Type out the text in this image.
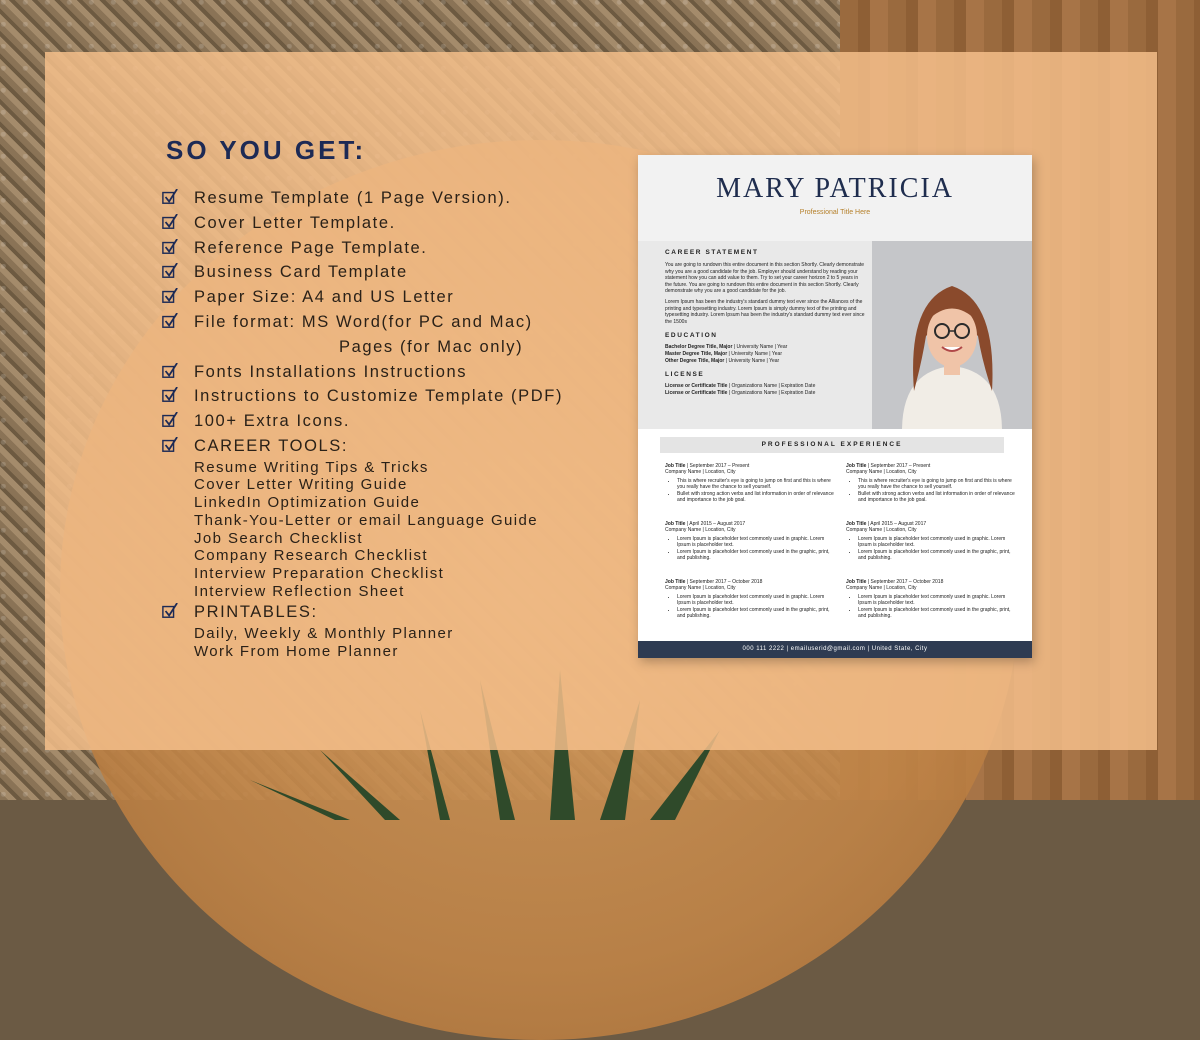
SO YOU GET:
Resume Template (1 Page Version).
Cover Letter Template.
Reference Page Template.
Business Card Template
Paper Size: A4 and US Letter
File format: MS Word(for PC and Mac)
Pages (for Mac only)
Fonts Installations Instructions
Instructions to Customize Template (PDF)
100+ Extra Icons.
CAREER TOOLS:
Resume Writing Tips & Tricks
Cover Letter Writing Guide
LinkedIn Optimization Guide
Thank-You-Letter or email Language Guide
Job Search Checklist
Company Research Checklist
Interview Preparation Checklist
Interview Reflection Sheet
PRINTABLES:
Daily, Weekly & Monthly Planner
Work From Home Planner
MARY PATRICIA
Professional Title Here

CAREER STATEMENT

You are going to rundown this entire document in this section Shortly. Clearly demonstrate why you are a good candidate for the job. Employer should understand by reading your statement how you can add value to them. Try to set your career horizon 2 to 5 years in the future. You are going to rundown this entire document in this section Shortly. Clearly demonstrate why you are a good candidate for the job.

Lorem Ipsum has been the industry's standard dummy text ever since the Alliances of the printing and typesetting industry. Lorem Ipsum is simply dummy text of the printing and typesetting industry. Lorem Ipsum has been the industry's standard dummy text ever since the 1500s

EDUCATION

Bachelor Degree Title, Major | University Name | Year

Master Degree Title, Major | University Name | Year

Other Degree Title, Major | University Name | Year

LICENSE

License or Certificate Title | Organizations Name | Expiration Date

License or Certificate Title | Organizations Name | Expiration Date

PROFESSIONAL EXPERIENCE

Job Title | September 2017 – Present

Company Name | Location, City

• This is where recruiter's eye is going to jump on first and this is where you really have the chance to sell yourself.
• Bullet with strong action verbs and list information in order of relevance and importance to the job goal.

Job Title | September 2017 – Present

Company Name | Location, City

• This is where recruiter's eye is going to jump on first and this is where you really have the chance to sell yourself.
• Bullet with strong action verbs and list information in order of relevance and importance to the job goal.

Job Title | April 2015 – August 2017

Company Name | Location, City

• Lorem Ipsum is placeholder text commonly used in graphic. Lorem Ipsum is placeholder text.
• Lorem Ipsum is placeholder text commonly used in the graphic, print, and publishing.

Job Title | April 2015 – August 2017

Company Name | Location, City

• Lorem Ipsum is placeholder text commonly used in graphic. Lorem Ipsum is placeholder text.
• Lorem Ipsum is placeholder text commonly used in the graphic, print, and publishing.

Job Title | September 2017 – October 2018

Company Name | Location, City

• Lorem Ipsum is placeholder text commonly used in graphic. Lorem Ipsum is placeholder text.
• Lorem Ipsum is placeholder text commonly used in the graphic, print, and publishing.

Job Title | September 2017 – October 2018

Company Name | Location, City

• Lorem Ipsum is placeholder text commonly used in graphic. Lorem Ipsum is placeholder text.
• Lorem Ipsum is placeholder text commonly used in the graphic, print, and publishing.
000 111 2222 | emailuserid@gmail.com | United State, City
